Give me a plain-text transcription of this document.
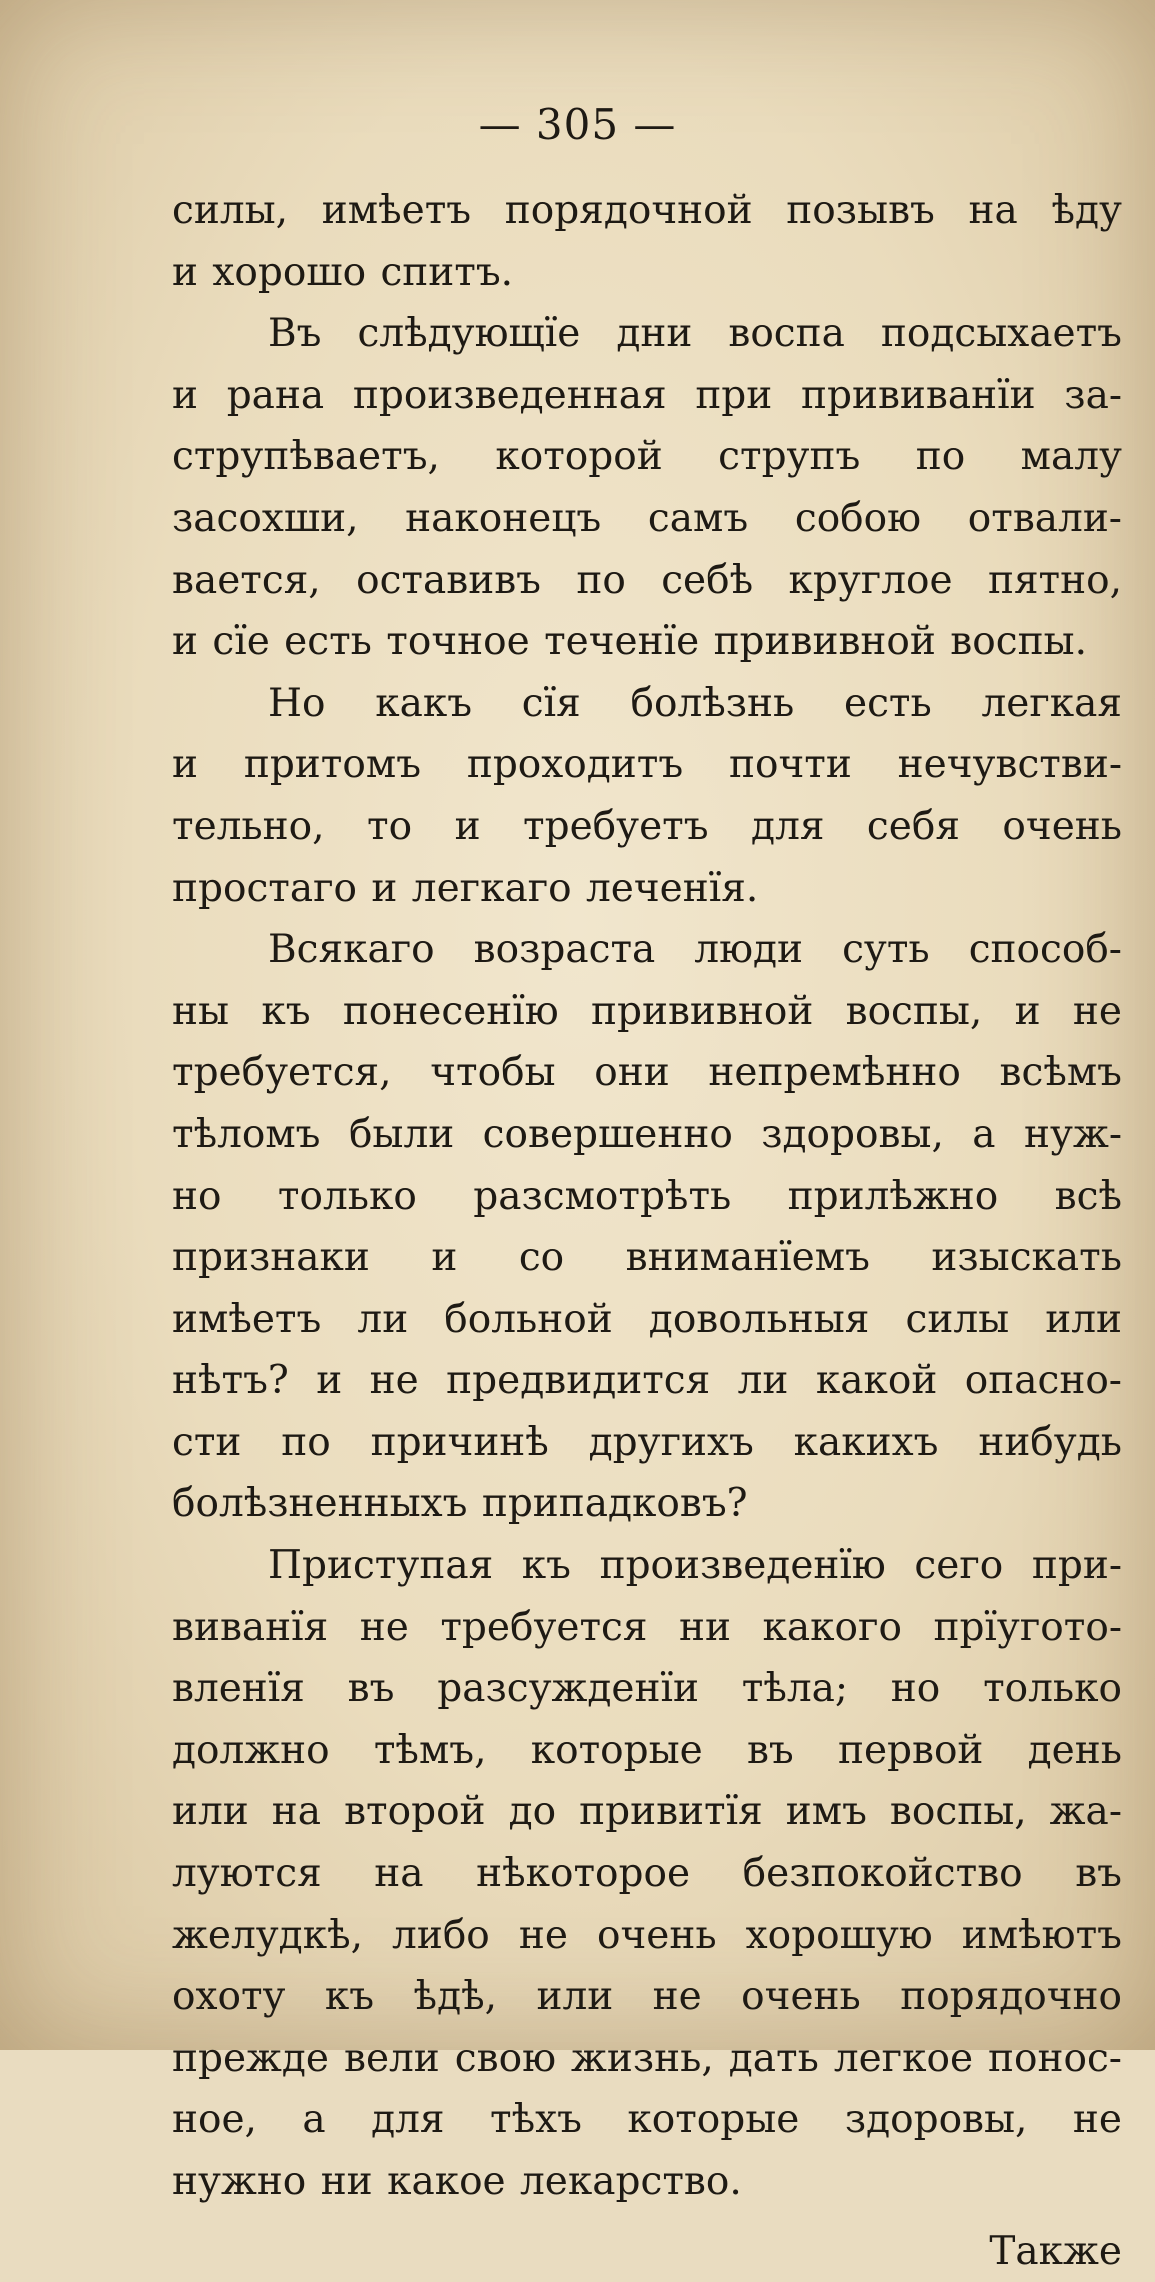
— 305 —
силы, имѣетъ порядочной позывъ на ѣду
и хорошо спитъ.
Въ слѣдующїе дни воспа подсыхаетъ
и рана произведенная при прививанїи за-
струпѣваетъ, которой струпъ по малу
засохши, наконецъ самъ собою отвали-
вается, оставивъ по себѣ круглое пятно,
и сїе есть точное теченїе прививной воспы.
Но какъ сїя болѣзнь есть легкая
и притомъ проходитъ почти нечувстви-
тельно, то и требуетъ для себя очень
простаго и легкаго леченїя.
Всякаго возраста люди суть способ-
ны къ понесенїю прививной воспы, и не
требуется, чтобы они непремѣнно всѣмъ
тѣломъ были совершенно здоровы, а нуж-
но только разсмотрѣть прилѣжно всѣ
признаки и со вниманїемъ изыскать
имѣетъ ли больной довольныя силы или
нѣтъ? и не предвидится ли какой опасно-
сти по причинѣ другихъ какихъ нибудь
болѣзненныхъ припадковъ?
Приступая къ произведенїю сего при-
виванїя не требуется ни какого прїугото-
вленїя въ разсужденїи тѣла; но только
должно тѣмъ, которые въ первой день
или на второй до привитїя имъ воспы, жа-
луются на нѣкоторое безпокойство въ
желудкѣ, либо не очень хорошую имѣютъ
охоту къ ѣдѣ, или не очень порядочно
прежде вели свою жизнь, дать легкое понос-
ное, а для тѣхъ которые здоровы, не
нужно ни какое лекарство.
Также
